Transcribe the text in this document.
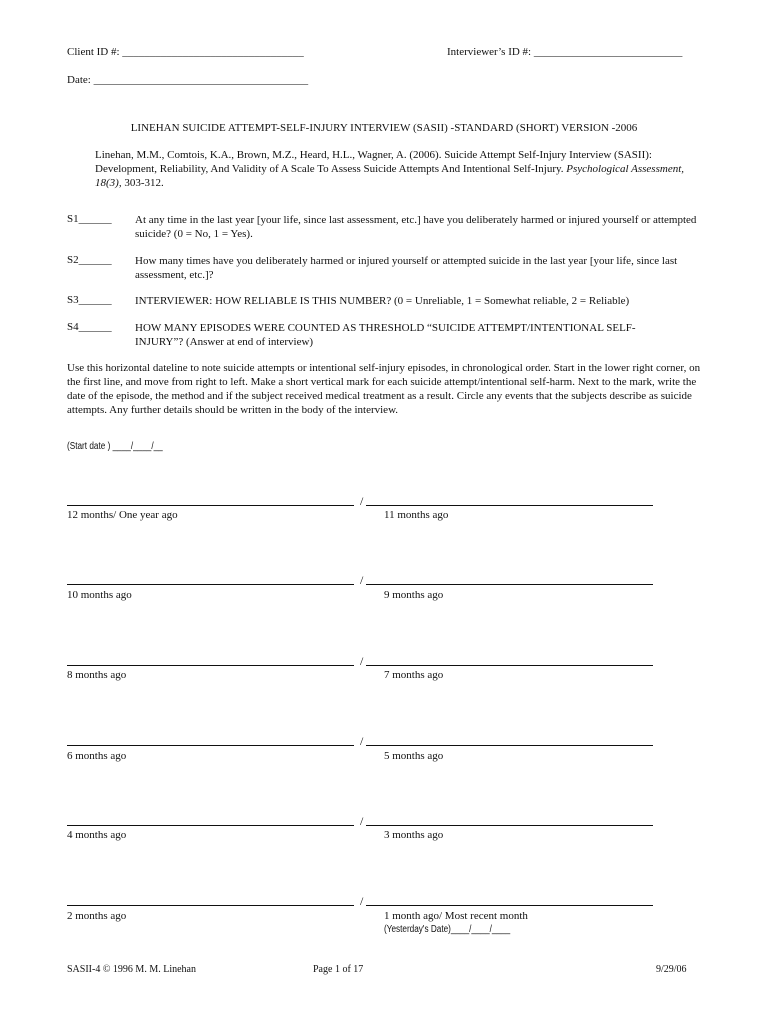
Client ID #: _________________________________	Interviewer’s ID #: ___________________________
Date: _______________________________________
LINEHAN SUICIDE ATTEMPT-SELF-INJURY INTERVIEW (SASII) -STANDARD (SHORT) VERSION -2006
Linehan, M.M., Comtois, K.A., Brown, M.Z., Heard, H.L., Wagner, A. (2006). Suicide Attempt Self-Injury Interview (SASII): Development, Reliability, And Validity of A Scale To Assess Suicide Attempts And Intentional Self-Injury. Psychological Assessment, 18(3), 303-312.
S1______ At any time in the last year [your life, since last assessment, etc.] have you deliberately harmed or injured yourself or attempted suicide? (0 = No, 1 = Yes).
S2______ How many times have you deliberately harmed or injured yourself or attempted suicide in the last year [your life, since last assessment, etc.]?
S3______ INTERVIEWER: HOW RELIABLE IS THIS NUMBER? (0 = Unreliable, 1 = Somewhat reliable, 2 = Reliable)
S4______ HOW MANY EPISODES WERE COUNTED AS THRESHOLD “SUICIDE ATTEMPT/INTENTIONAL SELF-INJURY”? (Answer at end of interview)
Use this horizontal dateline to note suicide attempts or intentional self-injury episodes, in chronological order. Start in the lower right corner, on the first line, and move from right to left. Make a short vertical mark for each suicide attempt/intentional self-harm. Next to the mark, write the date of the episode, the method and if the subject received medical treatment as a result. Circle any events that the subjects describe as suicide attempts. Any further details should be written in the body of the interview.
(Start date ) ____/____/__
/
12 months/ One year ago	11 months ago
/
10 months ago	9 months ago
/
8 months ago	7 months ago
/
6 months ago	5 months ago
/
4 months ago	3 months ago
/
2 months ago	1 month ago/ Most recent month
(Yesterday's Date)____/____/____
SASII-4 © 1996 M. M. Linehan	Page 1 of 17	9/29/06
